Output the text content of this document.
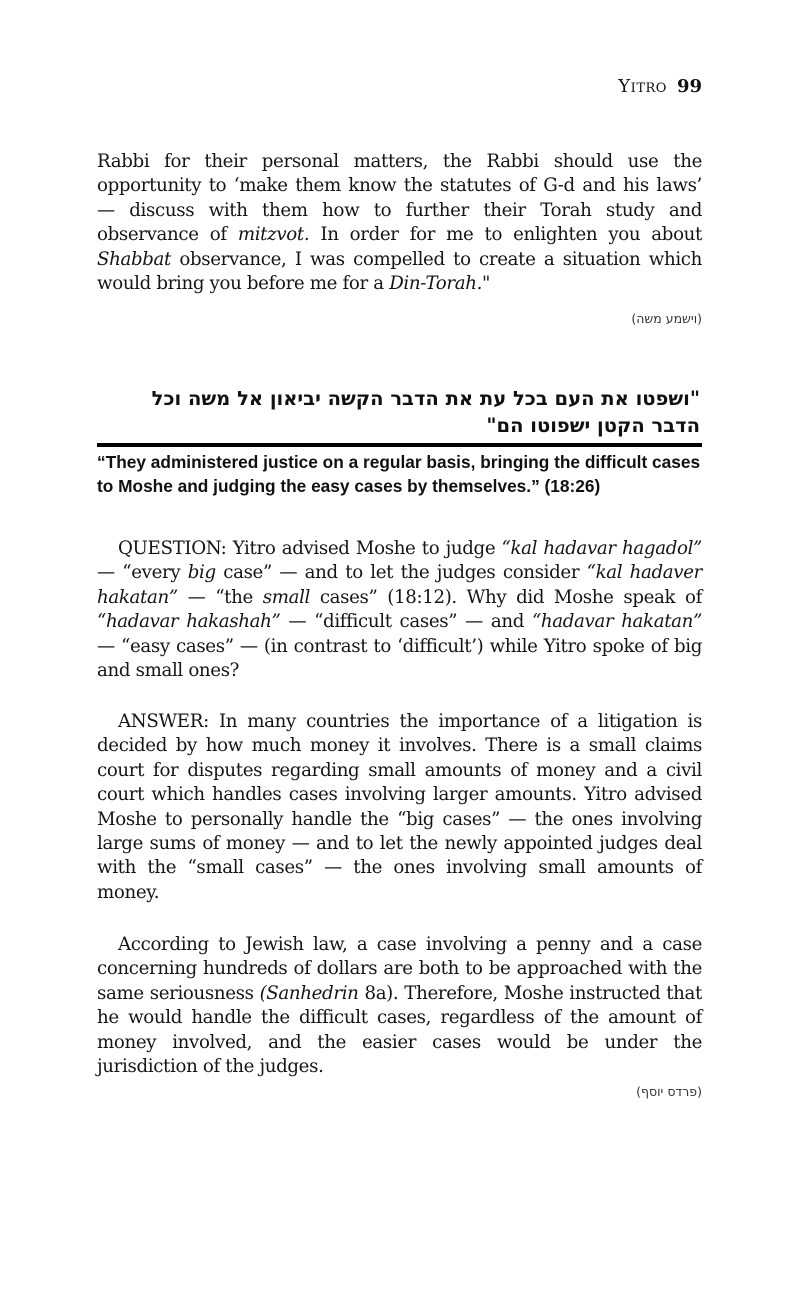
Yitro 99

Rabbi for their personal matters, the Rabbi should use the opportunity to ‘make them know the statutes of G-d and his laws’ — discuss with them how to further their Torah study and observance of mitzvot. In order for me to enlighten you about Shabbat observance, I was compelled to create a situation which would bring you before me for a Din-Torah."

(וישמע משה)
"ושפטו את העם בכל עת את הדבר הקשה יביאון אל משה וכל
הדבר הקטן ישפוטו הם"
“They administered justice on a regular basis, bringing the difficult cases to Moshe and judging the easy cases by themselves.” (18:26)

QUESTION: Yitro advised Moshe to judge “kal hadavar hagadol” — “every big case” — and to let the judges consider “kal hadaver hakatan” — “the small cases” (18:12). Why did Moshe speak of “hadavar hakashah” — “difficult cases” — and “hadavar hakatan” — “easy cases” — (in contrast to ‘difficult’) while Yitro spoke of big and small ones?

ANSWER: In many countries the importance of a litigation is decided by how much money it involves. There is a small claims court for disputes regarding small amounts of money and a civil court which handles cases involving larger amounts. Yitro advised Moshe to personally handle the “big cases” — the ones involving large sums of money — and to let the newly appointed judges deal with the “small cases” — the ones involving small amounts of money.

According to Jewish law, a case involving a penny and a case concerning hundreds of dollars are both to be approached with the same seriousness (Sanhedrin 8a). Therefore, Moshe instructed that he would handle the difficult cases, regardless of the amount of money involved, and the easier cases would be under the jurisdiction of the judges.

(פרדס יוסף)
